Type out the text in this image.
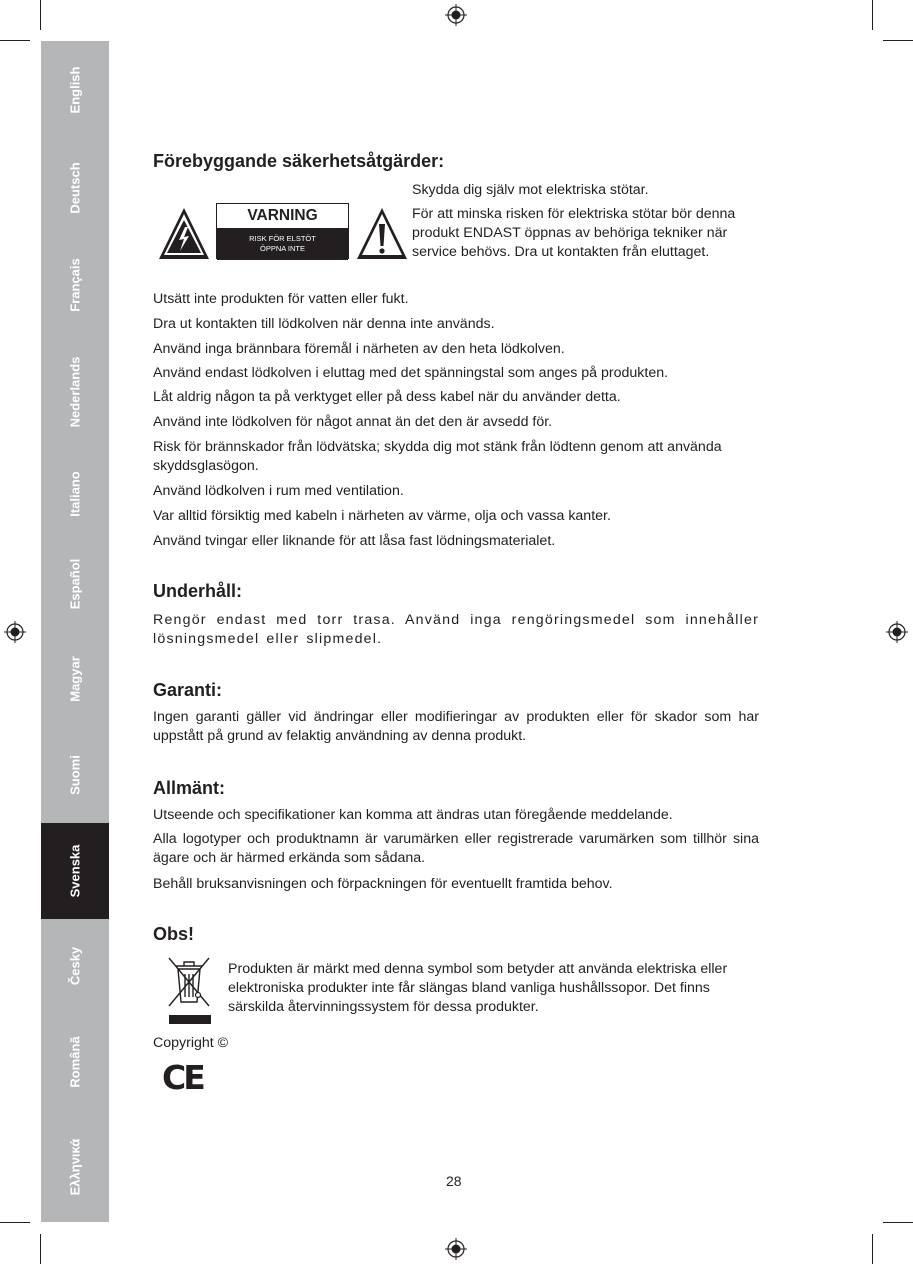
English
Deutsch
Français
Nederlands
Italiano
Español
Magyar
Suomi
Svenska
Česky
Română
Ελληνικά
Förebyggande säkerhetsåtgärder:
VARNING
RISK FÖR ELSTÖT
ÖPPNA INTE
Skydda dig själv mot elektriska stötar.
För att minska risken för elektriska stötar bör denna produkt ENDAST öppnas av behöriga tekniker när service behövs. Dra ut kontakten från eluttaget.

Utsätt inte produkten för vatten eller fukt.

Dra ut kontakten till lödkolven när denna inte används.

Använd inga brännbara föremål i närheten av den heta lödkolven.

Använd endast lödkolven i eluttag med det spänningstal som anges på produkten.

Låt aldrig någon ta på verktyget eller på dess kabel när du använder detta.

Använd inte lödkolven för något annat än det den är avsedd för.

Risk för brännskador från lödvätska; skydda dig mot stänk från lödtenn genom att använda skyddsglasögon.

Använd lödkolven i rum med ventilation.

Var alltid försiktig med kabeln i närheten av värme, olja och vassa kanter.

Använd tvingar eller liknande för att låsa fast lödningsmaterialet.

Underhåll:

Rengör endast med torr trasa. Använd inga rengöringsmedel som innehåller lösningsmedel eller slipmedel.

Garanti:

Ingen garanti gäller vid ändringar eller modifieringar av produkten eller för skador som har uppstått på grund av felaktig användning av denna produkt.

Allmänt:

Utseende och specifikationer kan komma att ändras utan föregående meddelande.

Alla logotyper och produktnamn är varumärken eller registrerade varumärken som tillhör sina ägare och är härmed erkända som sådana.

Behåll bruksanvisningen och förpackningen för eventuellt framtida behov.

Obs!
Produkten är märkt med denna symbol som betyder att använda elektriska eller elektroniska produkter inte får slängas bland vanliga hushållssopor. Det finns särskilda återvinningssystem för dessa produkter.

Copyright ©

CE
28
